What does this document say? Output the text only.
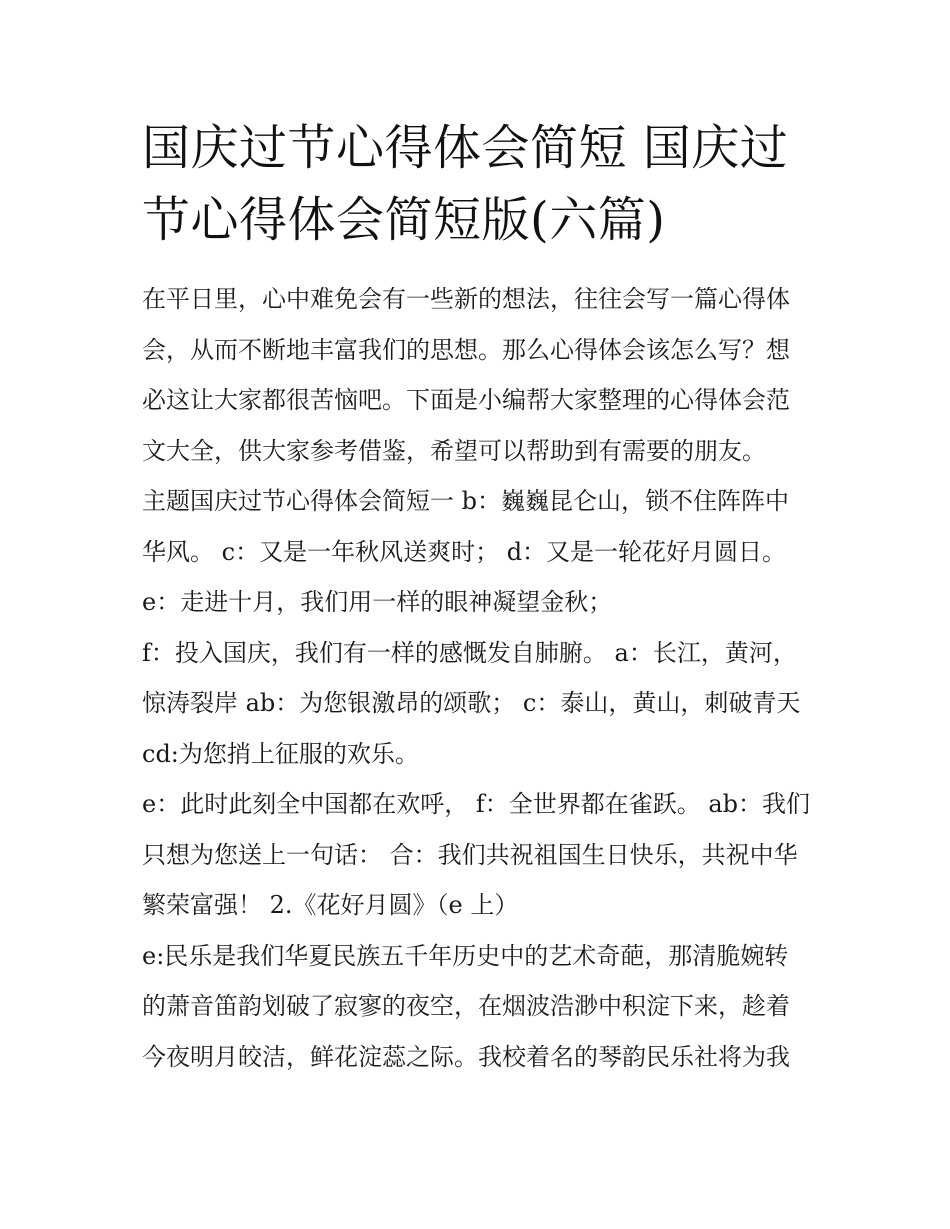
国庆过节心得体会简短 国庆过节心得体会简短版(六篇)

在平日里，心中难免会有一些新的想法，往往会写一篇心得体会，从而不断地丰富我们的思想。那么心得体会该怎么写？想必这让大家都很苦恼吧。下面是小编帮大家整理的心得体会范文大全，供大家参考借鉴，希望可以帮助到有需要的朋友。

主题国庆过节心得体会简短一 b：巍巍昆仑山，锁不住阵阵中华风。 c：又是一年秋风送爽时； d：又是一轮花好月圆日。

e：走进十月，我们用一样的眼神凝望金秋；

f：投入国庆，我们有一样的感慨发自肺腑。 a：长江，黄河，惊涛裂岸 ab：为您银激昂的颂歌； c：泰山，黄山，刺破青天 cd:为您捎上征服的欢乐。

e：此时此刻全中国都在欢呼， f：全世界都在雀跃。 ab：我们只想为您送上一句话： 合：我们共祝祖国生日快乐，共祝中华繁荣富强！ 2.《花好月圆》（e 上）

e:民乐是我们华夏民族五千年历史中的艺术奇葩，那清脆婉转的萧音笛韵划破了寂寥的夜空，在烟波浩渺中积淀下来，趁着今夜明月皎洁，鲜花淀蕊之际。我校着名的琴韵民乐社将为我
